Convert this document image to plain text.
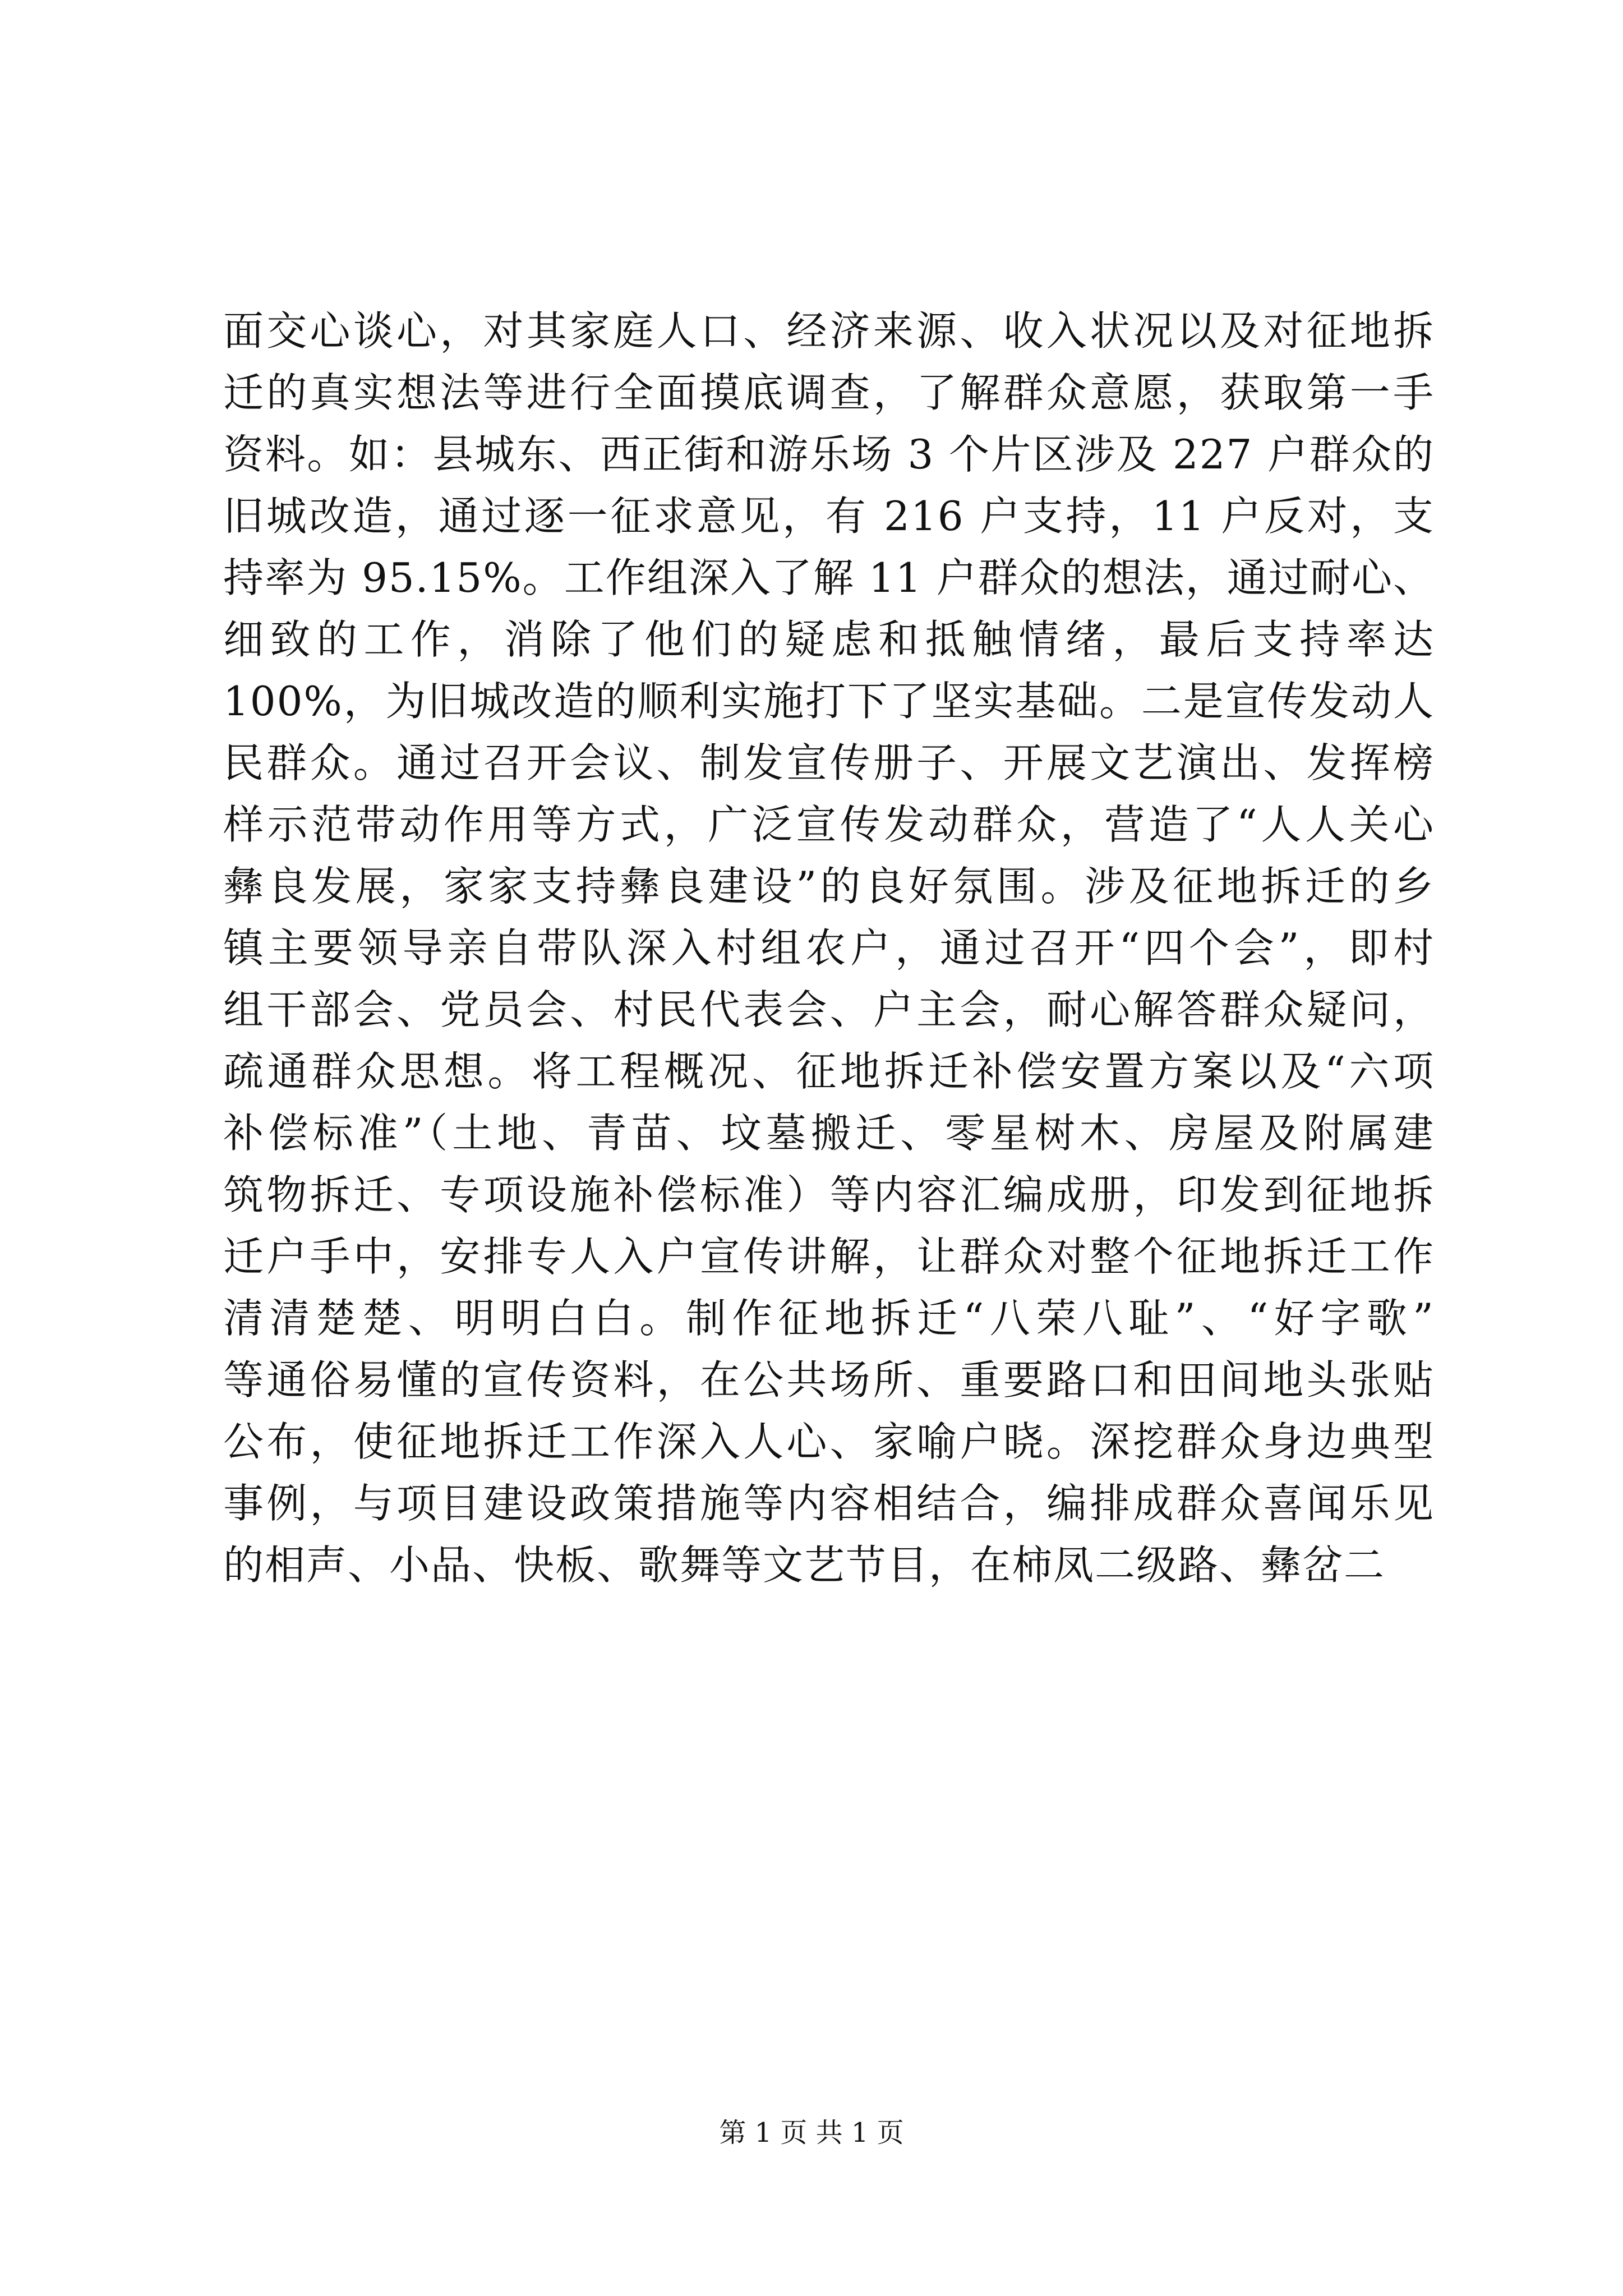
面交心谈心，对其家庭人口、经济来源、收入状况以及对征地拆
迁的真实想法等进行全面摸底调查，了解群众意愿，获取第一手
资料。如：县城东、西正街和游乐场 3 个片区涉及 227 户群众的
旧城改造，通过逐一征求意见，有 216 户支持，11 户反对，支
持率为 95.15%。工作组深入了解 11 户群众的想法，通过耐心、
细致的工作，消除了他们的疑虑和抵触情绪，最后支持率达
100%，为旧城改造的顺利实施打下了坚实基础。二是宣传发动人
民群众。通过召开会议、制发宣传册子、开展文艺演出、发挥榜
样示范带动作用等方式，广泛宣传发动群众，营造了“人人关心
彝良发展，家家支持彝良建设”的良好氛围。涉及征地拆迁的乡
镇主要领导亲自带队深入村组农户，通过召开“四个会”，即村
组干部会、党员会、村民代表会、户主会，耐心解答群众疑问，
疏通群众思想。将工程概况、征地拆迁补偿安置方案以及“六项
补偿标准”（土地、青苗、坟墓搬迁、零星树木、房屋及附属建
筑物拆迁、专项设施补偿标准）等内容汇编成册，印发到征地拆
迁户手中，安排专人入户宣传讲解，让群众对整个征地拆迁工作
清清楚楚、明明白白。制作征地拆迁“八荣八耻”、“好字歌”
等通俗易懂的宣传资料，在公共场所、重要路口和田间地头张贴
公布，使征地拆迁工作深入人心、家喻户晓。深挖群众身边典型
事例，与项目建设政策措施等内容相结合，编排成群众喜闻乐见
的相声、小品、快板、歌舞等文艺节目，在柿凤二级路、彝岔二
第 1 页 共 1 页
